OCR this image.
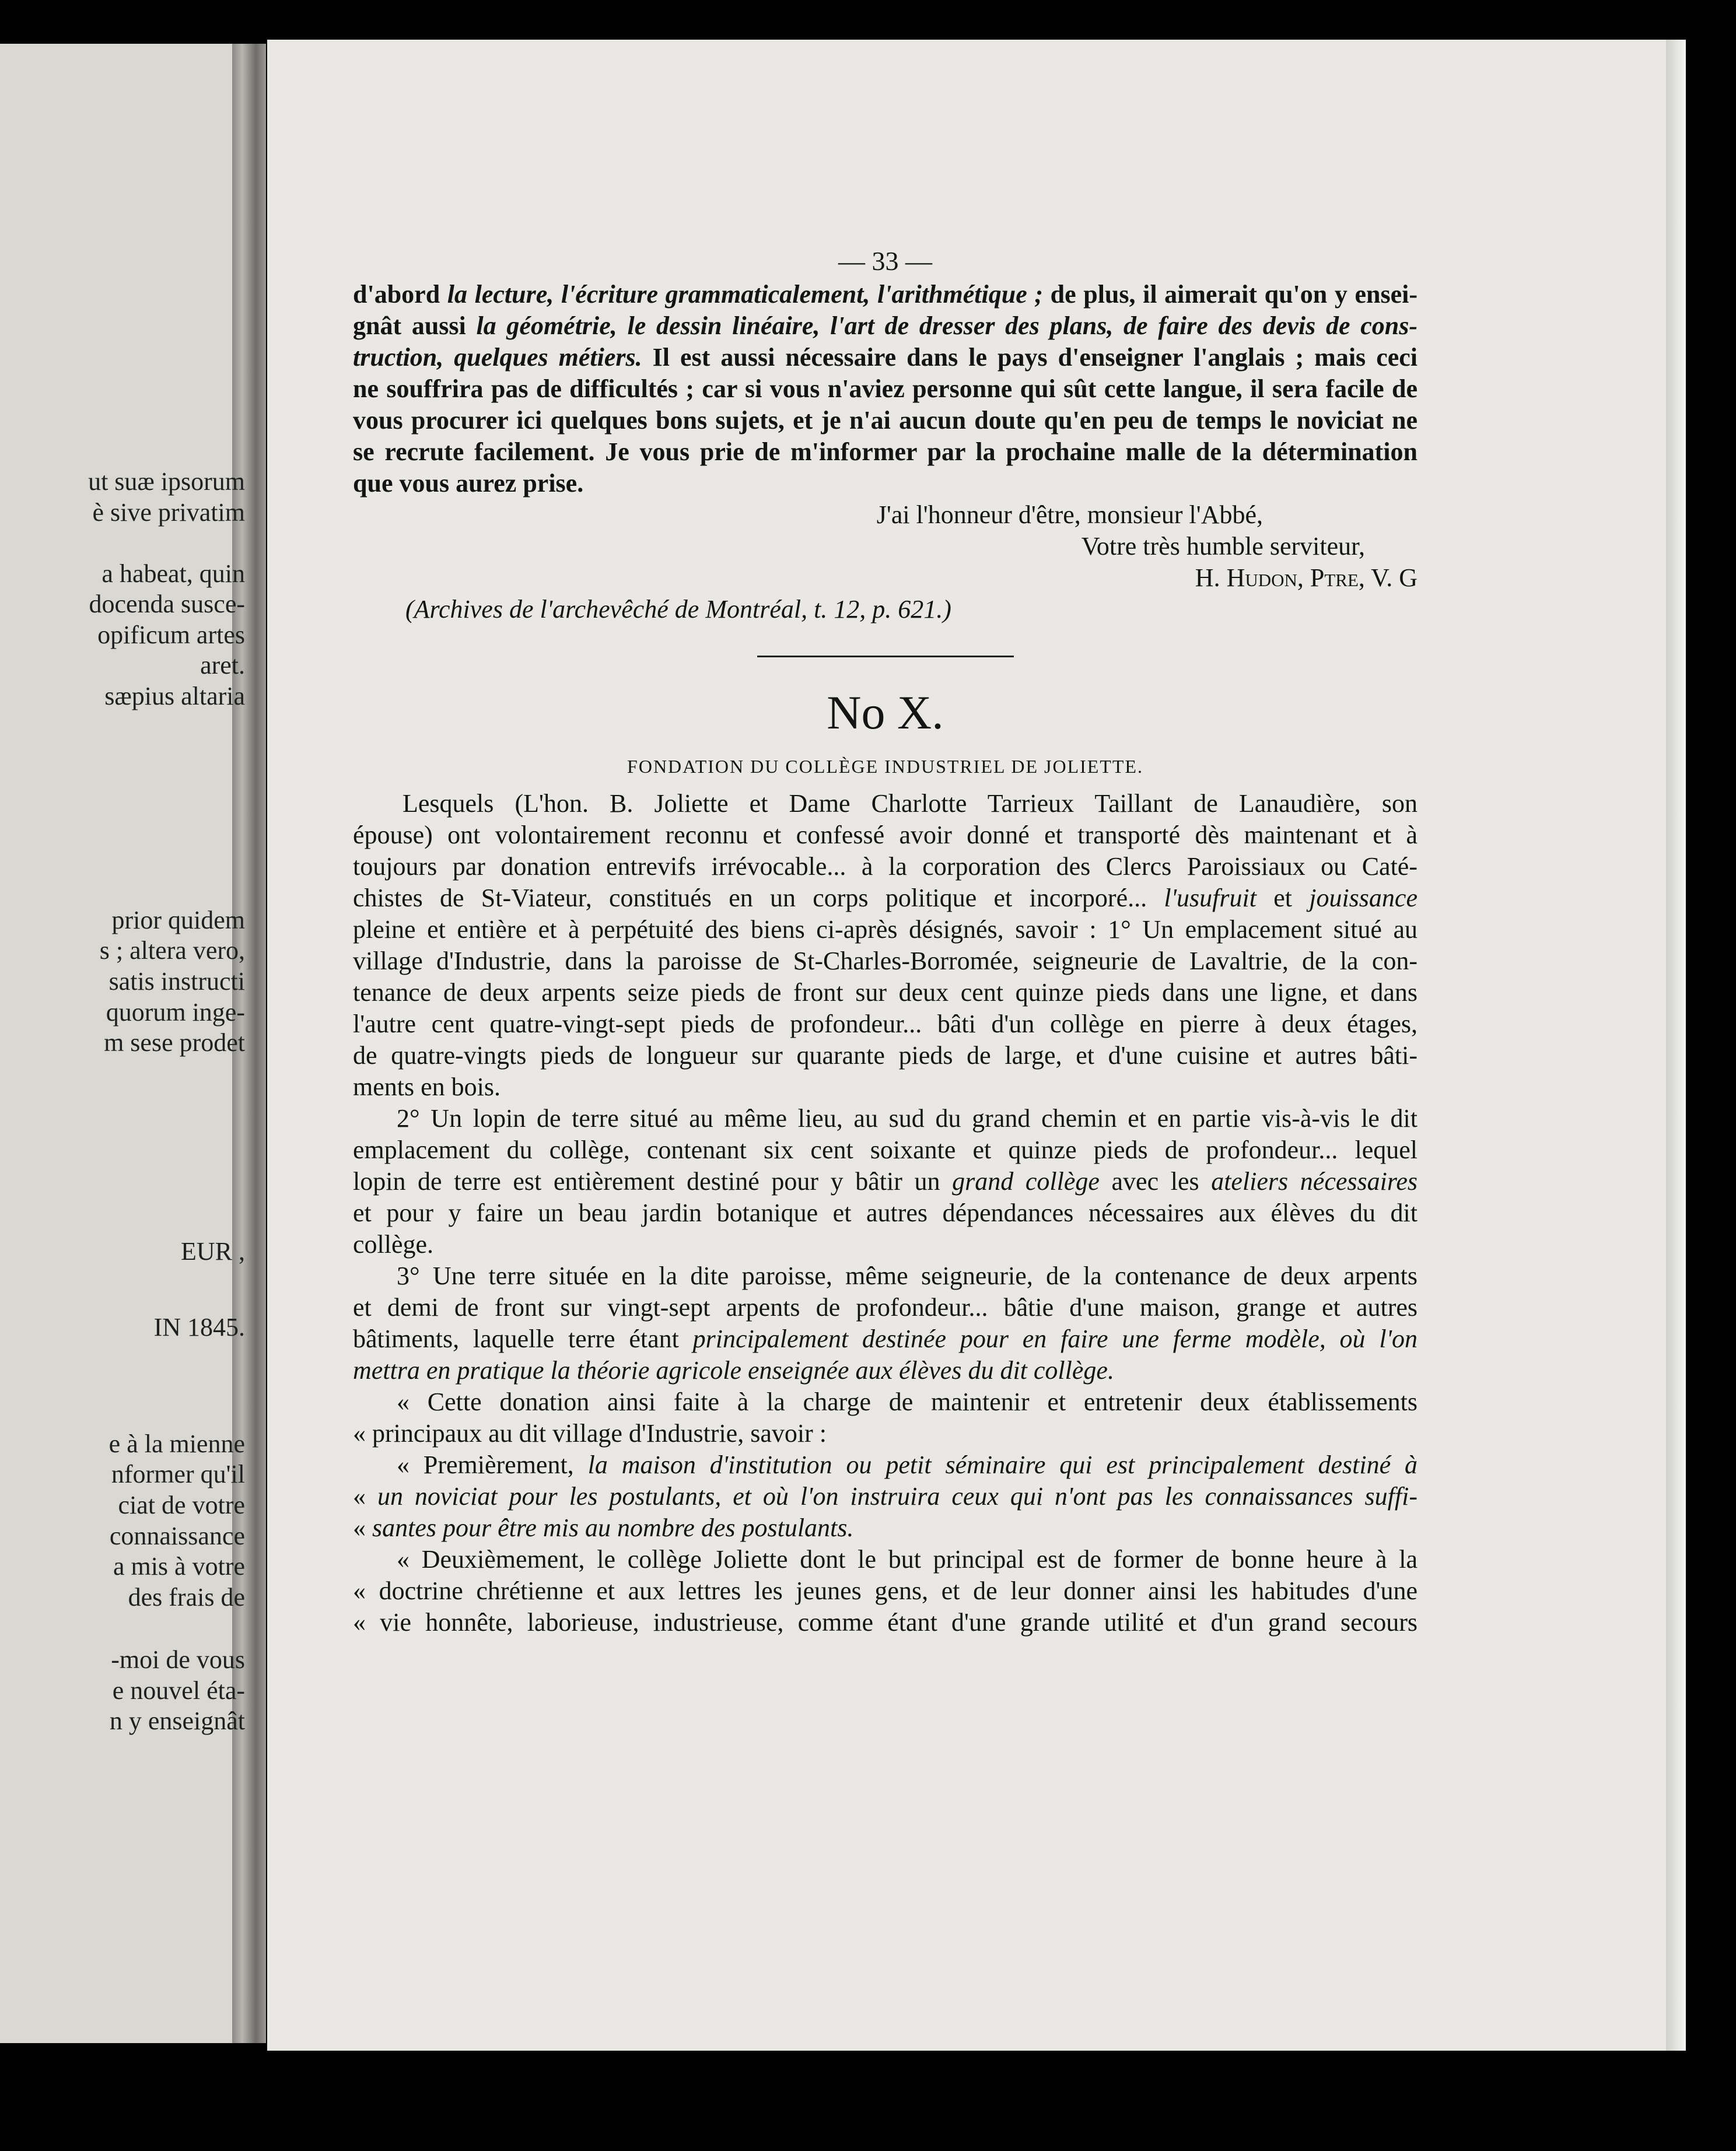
ut suæ ipsorum
è sive privatim
a habeat, quin
docenda susce-
opificum artes
aret.
sæpius altaria
prior quidem
s ; altera vero,
satis instructi
quorum inge-
m sese prodet
EUR ,
IN 1845.
e à la mienne
nformer qu'il
ciat de votre
connaissance
a mis à votre
des frais de
-moi de vous
e nouvel éta-
n y enseignât
— 33 —
d'abord la lecture, l'écriture grammaticalement, l'arithmétique ; de plus, il aimerait qu'on y ensei-
gnât aussi la géométrie, le dessin linéaire, l'art de dresser des plans, de faire des devis de cons-
truction, quelques métiers. Il est aussi nécessaire dans le pays d'enseigner l'anglais ; mais ceci
ne souffrira pas de difficultés ; car si vous n'aviez personne qui sût cette langue, il sera facile de
vous procurer ici quelques bons sujets, et je n'ai aucun doute qu'en peu de temps le noviciat ne
se recrute facilement. Je vous prie de m'informer par la prochaine malle de la détermination
que vous aurez prise.
J'ai l'honneur d'être, monsieur l'Abbé,
Votre très humble serviteur,
H. Hudon, Ptre, V. G
(Archives de l'archevêché de Montréal, t. 12, p. 621.)
No X.
FONDATION DU COLLÈGE INDUSTRIEL DE JOLIETTE.
Lesquels (L'hon. B. Joliette et Dame Charlotte Tarrieux Taillant de Lanaudière, son
épouse) ont volontairement reconnu et confessé avoir donné et transporté dès maintenant et à
toujours par donation entrevifs irrévocable... à la corporation des Clercs Paroissiaux ou Caté-
chistes de St-Viateur, constitués en un corps politique et incorporé... l'usufruit et jouissance
pleine et entière et à perpétuité des biens ci-après désignés, savoir : 1° Un emplacement situé au
village d'Industrie, dans la paroisse de St-Charles-Borromée, seigneurie de Lavaltrie, de la con-
tenance de deux arpents seize pieds de front sur deux cent quinze pieds dans une ligne, et dans
l'autre cent quatre-vingt-sept pieds de profondeur... bâti d'un collège en pierre à deux étages,
de quatre-vingts pieds de longueur sur quarante pieds de large, et d'une cuisine et autres bâti-
ments en bois.
2° Un lopin de terre situé au même lieu, au sud du grand chemin et en partie vis-à-vis le dit
emplacement du collège, contenant six cent soixante et quinze pieds de profondeur... lequel
lopin de terre est entièrement destiné pour y bâtir un grand collège avec les ateliers nécessaires
et pour y faire un beau jardin botanique et autres dépendances nécessaires aux élèves du dit
collège.
3° Une terre située en la dite paroisse, même seigneurie, de la contenance de deux arpents
et demi de front sur vingt-sept arpents de profondeur... bâtie d'une maison, grange et autres
bâtiments, laquelle terre étant principalement destinée pour en faire une ferme modèle, où l'on
mettra en pratique la théorie agricole enseignée aux élèves du dit collège.
« Cette donation ainsi faite à la charge de maintenir et entretenir deux établissements
« principaux au dit village d'Industrie, savoir :
« Premièrement, la maison d'institution ou petit séminaire qui est principalement destiné à
« un noviciat pour les postulants, et où l'on instruira ceux qui n'ont pas les connaissances suffi-
« santes pour être mis au nombre des postulants.
« Deuxièmement, le collège Joliette dont le but principal est de former de bonne heure à la
« doctrine chrétienne et aux lettres les jeunes gens, et de leur donner ainsi les habitudes d'une
« vie honnête, laborieuse, industrieuse, comme étant d'une grande utilité et d'un grand secours
